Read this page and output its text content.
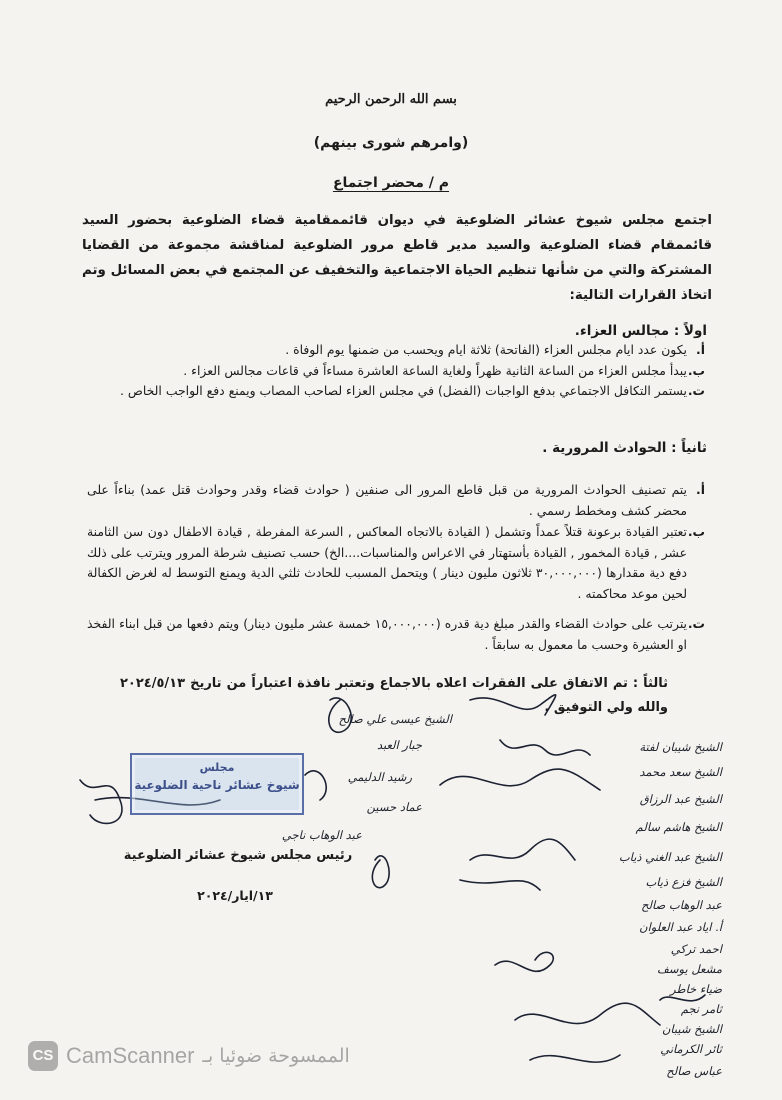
بسم الله الرحمن الرحيم
(وامرهم شورى بينهم)
م / محضر اجتماع
اجتمع مجلس شيوخ عشائر الضلوعية في ديوان قائممقامية قضاء الضلوعية بحضور السيد قائممقام قضاء الضلوعية والسيد مدير قاطع مرور الضلوعية لمناقشة مجموعة من القضايا المشتركة والتي من شأنها تنظيم الحياة الاجتماعية والتخفيف عن المجتمع في بعض المسائل وتم اتخاذ القرارات التالية:
اولاً : مجالس العزاء.
أ.
يكون عدد ايام مجلس العزاء (الفاتحة) ثلاثة ايام ويحسب من ضمنها يوم الوفاة .
ب.
يبدأ مجلس العزاء من الساعة الثانية ظهراً ولغاية الساعة العاشرة مساءاً في قاعات مجالس العزاء .
ت.
يستمر التكافل الاجتماعي بدفع الواجبات (الفضل) في مجلس العزاء لصاحب المصاب ويمنع دفع الواجب الخاص .
ثانياً : الحوادث المرورية .
أ.
يتم تصنيف الحوادث المرورية من قبل قاطع المرور الى صنفين ( حوادث قضاء وقدر وحوادث قتل عمد) بناءاً على محضر كشف ومخطط رسمي .
ب.
تعتبر القيادة برعونة قتلاً عمداً وتشمل ( القيادة بالاتجاه المعاكس , السرعة المفرطة , قيادة الاطفال دون سن الثامنة عشر , قيادة المخمور , القيادة بأستهتار في الاعراس والمناسبات....الخ) حسب تصنيف شرطة المرور ويترتب على ذلك دفع دية مقدارها (٣٠,٠٠٠,٠٠٠ ثلاثون مليون دينار ) ويتحمل المسبب للحادث ثلثي الدية ويمنع التوسط له لغرض الكفالة لحين موعد محاكمته .
ت.
يترتب على حوادث القضاء والقدر مبلغ دية قدره (١٥,٠٠٠,٠٠٠ خمسة عشر مليون دينار) ويتم دفعها من قبل ابناء الفخذ او العشيرة وحسب ما معمول به سابقاً .
ثالثاً : تم الاتفاق على الفقرات اعلاه بالاجماع وتعتبر نافذة اعتباراً من تاريخ ٢٠٢٤/٥/١٣ والله ولي التوفيق .
مجلس
شيوخ عشائر ناحية الضلوعية
الشيخ شيبان لفتة
الشيخ سعد محمد
الشيخ عبد الرزاق
الشيخ هاشم سالم
الشيخ عبد الغني ذياب
الشيخ فزع ذياب
عبد الوهاب صالح
أ. اياد عبد العلوان
احمد تركي
مشعل يوسف
ضياء خاطر
ثامر نجم
الشيخ شيبان
ثائر الكرماني
عباس صالح
الشيخ عيسى علي صالح
جبار العبد
رشيد الدليمي
عماد حسين
عبد الوهاب ناجي
رئيس مجلس شيوخ عشائر الضلوعية
١٣/ايار/٢٠٢٤
CS CamScanner الممسوحة ضوئيا بـ
